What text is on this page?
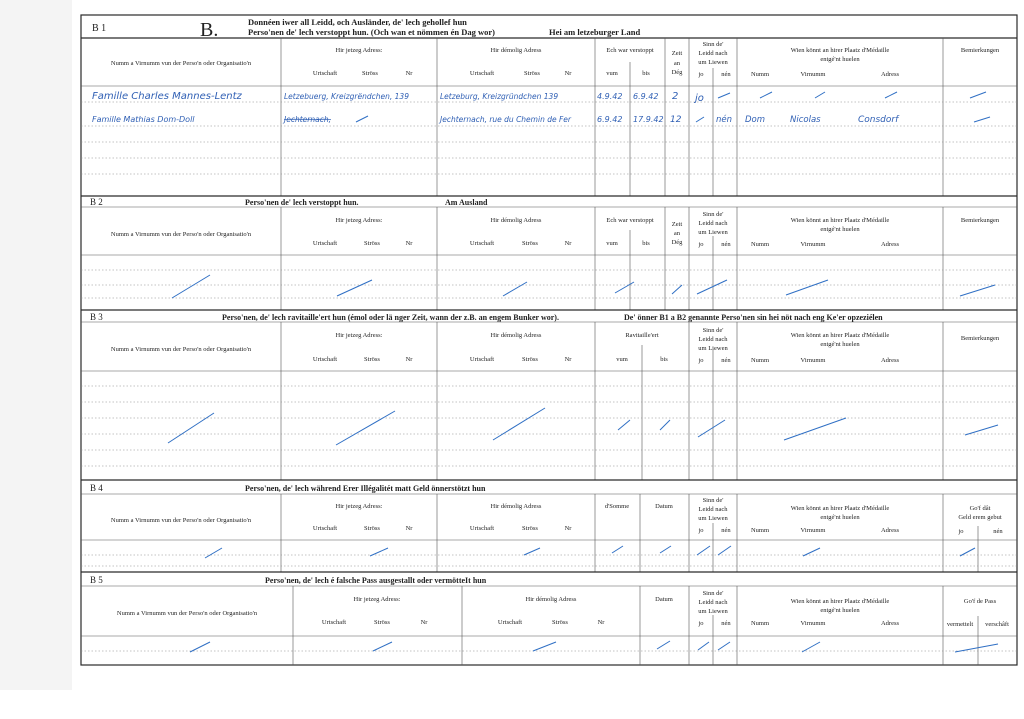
B 1	B.	Donnéen iwer all Leidd, och Ausländer, de' lech gehollef hun
Perso'nen de' lech verstoppt hun. (Och wan et nömmen én Dag wor)	Hei am letzeburger Land
Numm a Virnumm vun der Perso'n oder Organisatio'n
Hir jetzeg Adress:
Urtschaft	Ströss	Nr
Hir démolig Adress
Urtschaft	Ströss	Nr
Ech war verstoppt
vum	bis
Zeit
an
Dég
Sinn de'
Leidd nach
um Liewen
jo	nén
Wien könnt an hirer Plaatz d'Médaille
entgé'nt huelen
Numm	Virnumm	Adress
Bemierkungen
Famille Charles Mannes-Lentz	Letzebuerg, Kreizgrëndchen, 139	Letzeburg, Kreizgründchen 139	4.9.42 6.9.42 2 jo
Famille Mathias Dom-Doll	Jechternach,	Jechternach, rue du Chemin de Fer	6.9.42 17.9.42 12	nén Dom	Nicolas	Consdorf
B 2	Perso'nen de' lech verstoppt hun.	Am Ausland
Numm a Virnumm vun der Perso'n oder Organisatio'n
Hir jetzeg Adress:
Urtschaft	Ströss	Nr
Hir démolig Adress
Urtschaft	Ströss	Nr
Ech war verstoppt
vum	bis
Zeit
an
Dég
Sinn de'
Leidd nach
um Liewen
jo	nén
Wien könnt an hirer Plaatz d'Médaille
entgé'nt huelen
Numm	Virnumm	Adress
Bemierkungen
B 3	Perso'nen, de' lech ravitaille'ert hun (émol oder lä nger Zeit, wann der z.B. an engem Bunker wor).	De' önner B1 a B2 genannte Perso'nen sin hei nöt nach eng Ke'er opzeziélen
Numm a Virnumm vun der Perso'n oder Organisatio'n
Hir jetzeg Adress:
Urtschaft	Ströss	Nr
Hir démolig Adress
Urtschaft	Ströss	Nr
Ravitaille'ert
vum	bis
Sinn de'
Leidd nach
um Liewen
jo	nén
Wien könnt an hirer Plaatz d'Médaille
entgé'nt huelen
Numm	Virnumm	Adress
Bemierkungen
B 4	Perso'nen, de' lech während Erer Illégalitét matt Geld önnerstötzt hun
Numm a Virnumm vun der Perso'n oder Organisatio'n
Hir jetzeg Adress:
Urtschaft	Ströss	Nr
Hir démolig Adress
Urtschaft	Ströss	Nr
d'Somme	Datum
Sinn de'
Leidd nach
um Liewen
jo	nén
Wien könnt an hirer Plaatz d'Médaille
entgé'nt huelen
Numm	Virnumm	Adress
Go'f dât
Geld erem gebut
jo	nén
B 5	Perso'nen, de' lech é falsche Pass ausgestallt oder vermötteIt hun
Numm a Virnumm vun der Perso'n oder Organisatio'n
Hir jetzeg Adress:
Urtschaft	Ströss	Nr
Hir démolig Adress
Urtschaft	Ströss	Nr
Datum
Sinn de'
Leidd nach
um Liewen
jo	nén
Wien könnt an hirer Plaatz d'Médaille
entgé'nt huelen
Numm	Virnumm	Adress
Go'f de Pass
vermettelt verschâft
